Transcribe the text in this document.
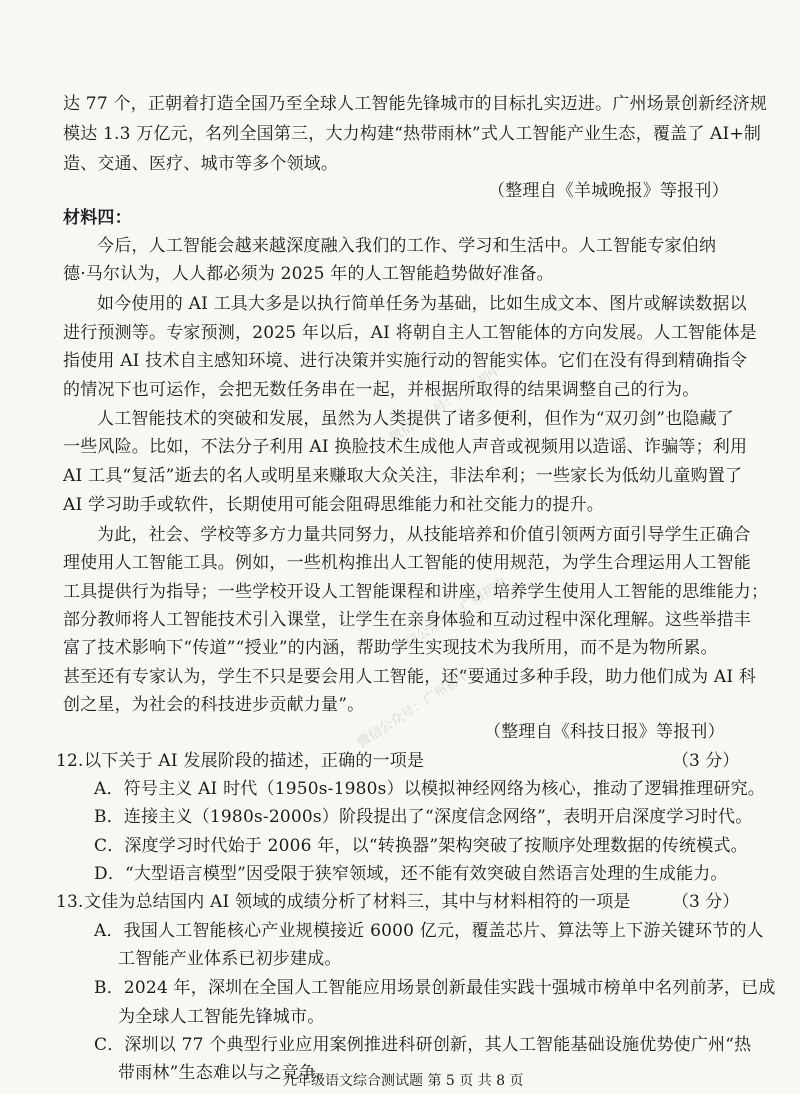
达 77 个，正朝着打造全国乃至全球人工智能先锋城市的目标扎实迈进。广州场景创新经济规
模达 1.3 万亿元，名列全国第三，大力构建“热带雨林”式人工智能产业生态，覆盖了 AI+制
造、交通、医疗、城市等多个领域。
（整理自《羊城晚报》等报刊）
材料四：
今后，人工智能会越来越深度融入我们的工作、学习和生活中。人工智能专家伯纳
德·马尔认为，人人都必须为 2025 年的人工智能趋势做好准备。
如今使用的 AI 工具大多是以执行简单任务为基础，比如生成文本、图片或解读数据以
进行预测等。专家预测，2025 年以后，AI 将朝自主人工智能体的方向发展。人工智能体是
指使用 AI 技术自主感知环境、进行决策并实施行动的智能实体。它们在没有得到精确指令
的情况下也可运作，会把无数任务串在一起，并根据所取得的结果调整自己的行为。
人工智能技术的突破和发展，虽然为人类提供了诸多便利，但作为“双刃剑”也隐藏了
一些风险。比如，不法分子利用 AI 换脸技术生成他人声音或视频用以造谣、诈骗等；利用
AI 工具“复活”逝去的名人或明星来赚取大众关注，非法牟利；一些家长为低幼儿童购置了
AI 学习助手或软件，长期使用可能会阻碍思维能力和社交能力的提升。
为此，社会、学校等多方力量共同努力，从技能培养和价值引领两方面引导学生正确合
理使用人工智能工具。例如，一些机构推出人工智能的使用规范，为学生合理运用人工智能
工具提供行为指导；一些学校开设人工智能课程和讲座，培养学生使用人工智能的思维能力；
部分教师将人工智能技术引入课堂，让学生在亲身体验和互动过程中深化理解。这些举措丰
富了技术影响下“传道”“授业”的内涵，帮助学生实现技术为我所用，而不是为物所累。
甚至还有专家认为，学生不只是要会用人工智能，还“要通过多种手段，助力他们成为 AI 科
创之星，为社会的科技进步贡献力量”。
（整理自《科技日报》等报刊）
12. 以下关于 AI 发展阶段的描述，正确的一项是	（3 分）
A．符号主义 AI 时代（1950s-1980s）以模拟神经网络为核心，推动了逻辑推理研究。
B．连接主义（1980s-2000s）阶段提出了“深度信念网络”，表明开启深度学习时代。
C．深度学习时代始于 2006 年，以“转换器”架构突破了按顺序处理数据的传统模式。
D．“大型语言模型”因受限于狭窄领域，还不能有效突破自然语言处理的生成能力。
13. 文佳为总结国内 AI 领域的成绩分析了材料三，其中与材料相符的一项是 （3 分）
A．我国人工智能核心产业规模接近 6000 亿元，覆盖芯片、算法等上下游关键环节的人
工智能产业体系已初步建成。
B．2024 年，深圳在全国人工智能应用场景创新最佳实践十强城市榜单中名列前茅，已成
为全球人工智能先锋城市。
C．深圳以 77 个典型行业应用案例推进科研创新，其人工智能基础设施优势使广州“热
带雨林”生态难以与之竞争。
九年级语文综合测试题 第 5 页 共 8 页
微信公众号：广州初中
微信公众号：广州初中
微信公众号：广州初中
